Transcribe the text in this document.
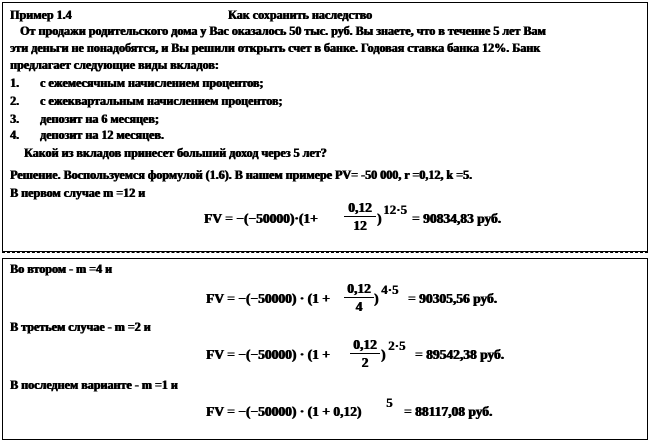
Пример 1.4	Как сохранить наследство
От продажи родительского дома у Вас оказалось 50 тыс. руб. Вы знаете, что в течение 5 лет Вам
эти деньги не понадобятся, и Вы решили открыть счет в банке. Годовая ставка банка 12%. Банк
предлагает следующие виды вкладов:
1. с ежемесячным начислением процентов;
2. с ежеквартальным начислением процентов;
3. депозит на 6 месяцев;
4. депозит на 12 месяцев.
Какой из вкладов принесет больший доход через 5 лет?
Решение. Воспользуемся формулой (1.6). В нашем примере PV= -50 000, r =0,12, k =5.
В первом случае m =12 и
FV = −(−50000)·(1+
0,12
12 )
12·5
= 90834,83 руб.
Во втором - m =4 и
FV = −(−50000) · (1 +
0,12
4
)
4·5
= 90305,56 руб.
В третьем случае - m =2 и
FV = −(−50000) · (1 +
0,12
2
)
2·5
= 89542,38 руб.
В последнем варианте - m =1 и
FV = −(−50000) · (1 + 0,12)
5
= 88117,08 руб.
